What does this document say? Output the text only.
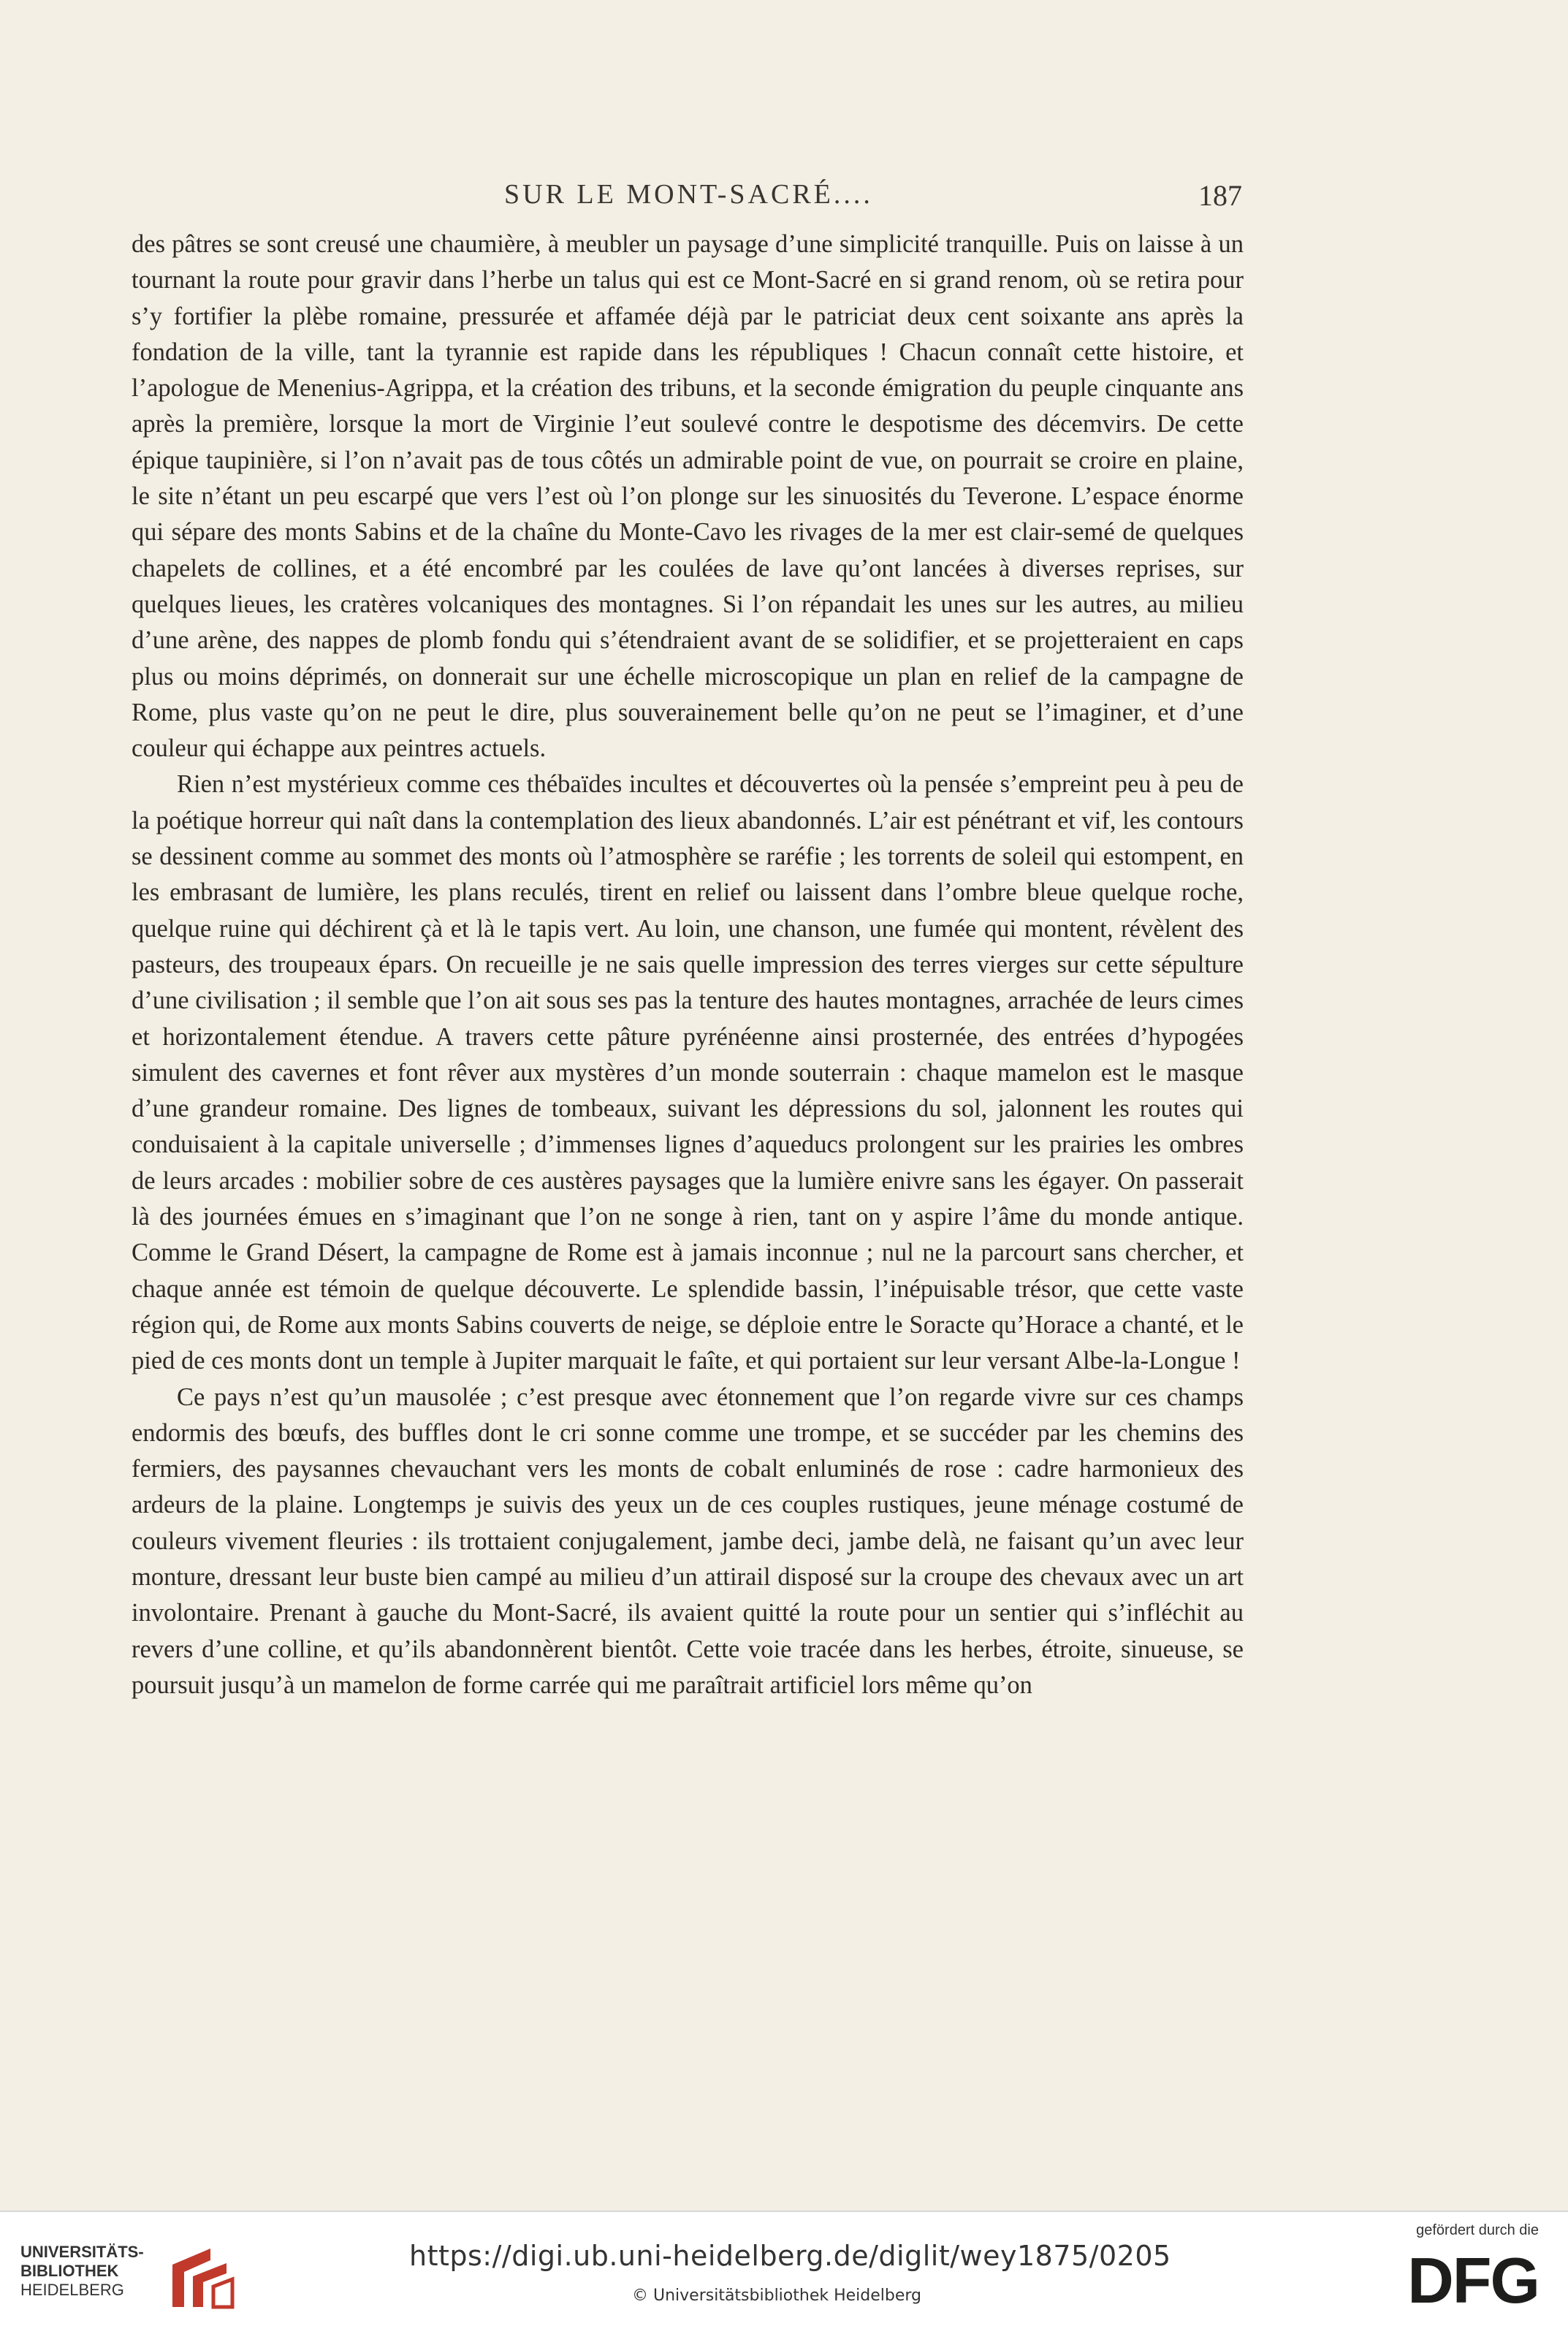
SUR LE MONT-SACRÉ....	187

des pâtres se sont creusé une chaumière, à meubler un paysage d’une simplicité tranquille. Puis on laisse à un tournant la route pour gravir dans l’herbe un talus qui est ce Mont-Sacré en si grand renom, où se retira pour s’y fortifier la plèbe romaine, pressurée et affamée déjà par le patriciat deux cent soixante ans après la fondation de la ville, tant la tyrannie est rapide dans les républiques ! Chacun connaît cette histoire, et l’apologue de Menenius-Agrippa, et la création des tribuns, et la seconde émigration du peuple cinquante ans après la première, lorsque la mort de Virginie l’eut soulevé contre le despotisme des décemvirs. De cette épique taupinière, si l’on n’avait pas de tous côtés un admirable point de vue, on pourrait se croire en plaine, le site n’étant un peu escarpé que vers l’est où l’on plonge sur les sinuosités du Teverone. L’espace énorme qui sépare des monts Sabins et de la chaîne du Monte-Cavo les rivages de la mer est clair-semé de quelques chapelets de collines, et a été encombré par les coulées de lave qu’ont lancées à diverses reprises, sur quelques lieues, les cratères volcaniques des montagnes. Si l’on répandait les unes sur les autres, au milieu d’une arène, des nappes de plomb fondu qui s’étendraient avant de se solidifier, et se projetteraient en caps plus ou moins déprimés, on donnerait sur une échelle microscopique un plan en relief de la campagne de Rome, plus vaste qu’on ne peut le dire, plus souverainement belle qu’on ne peut se l’imaginer, et d’une couleur qui échappe aux peintres actuels.

Rien n’est mystérieux comme ces thébaïdes incultes et découvertes où la pensée s’empreint peu à peu de la poétique horreur qui naît dans la contemplation des lieux abandonnés. L’air est pénétrant et vif, les contours se dessinent comme au sommet des monts où l’atmosphère se raréfie ; les torrents de soleil qui estompent, en les embrasant de lumière, les plans reculés, tirent en relief ou laissent dans l’ombre bleue quelque roche, quelque ruine qui déchirent çà et là le tapis vert. Au loin, une chanson, une fumée qui montent, révèlent des pasteurs, des troupeaux épars. On recueille je ne sais quelle impression des terres vierges sur cette sépulture d’une civilisation ; il semble que l’on ait sous ses pas la tenture des hautes montagnes, arrachée de leurs cimes et horizontalement étendue. A travers cette pâture pyrénéenne ainsi prosternée, des entrées d’hypogées simulent des cavernes et font rêver aux mystères d’un monde souterrain : chaque mamelon est le masque d’une grandeur romaine. Des lignes de tombeaux, suivant les dépressions du sol, jalonnent les routes qui conduisaient à la capitale universelle ; d’immenses lignes d’aqueducs prolongent sur les prairies les ombres de leurs arcades : mobilier sobre de ces austères paysages que la lumière enivre sans les égayer. On passerait là des journées émues en s’imaginant que l’on ne songe à rien, tant on y aspire l’âme du monde antique. Comme le Grand Désert, la campagne de Rome est à jamais inconnue ; nul ne la parcourt sans chercher, et chaque année est témoin de quelque découverte. Le splendide bassin, l’inépuisable trésor, que cette vaste région qui, de Rome aux monts Sabins couverts de neige, se déploie entre le Soracte qu’Horace a chanté, et le pied de ces monts dont un temple à Jupiter marquait le faîte, et qui portaient sur leur versant Albe-la-Longue !

Ce pays n’est qu’un mausolée ; c’est presque avec étonnement que l’on regarde vivre sur ces champs endormis des bœufs, des buffles dont le cri sonne comme une trompe, et se succéder par les chemins des fermiers, des paysannes chevauchant vers les monts de cobalt enluminés de rose : cadre harmonieux des ardeurs de la plaine. Longtemps je suivis des yeux un de ces couples rustiques, jeune ménage costumé de couleurs vivement fleuries : ils trottaient conjugalement, jambe deci, jambe delà, ne faisant qu’un avec leur monture, dressant leur buste bien campé au milieu d’un attirail disposé sur la croupe des chevaux avec un art involontaire. Prenant à gauche du Mont-Sacré, ils avaient quitté la route pour un sentier qui s’infléchit au revers d’une colline, et qu’ils abandonnèrent bientôt. Cette voie tracée dans les herbes, étroite, sinueuse, se poursuit jusqu’à un mamelon de forme carrée qui me paraîtrait artificiel lors même qu’on

UNIVERSITÄTS-
BIBLIOTHEK
HEIDELBERG
https://digi.ub.uni-heidelberg.de/diglit/wey1875/0205
© Universitätsbibliothek Heidelberg
gefördert durch die
DFG
